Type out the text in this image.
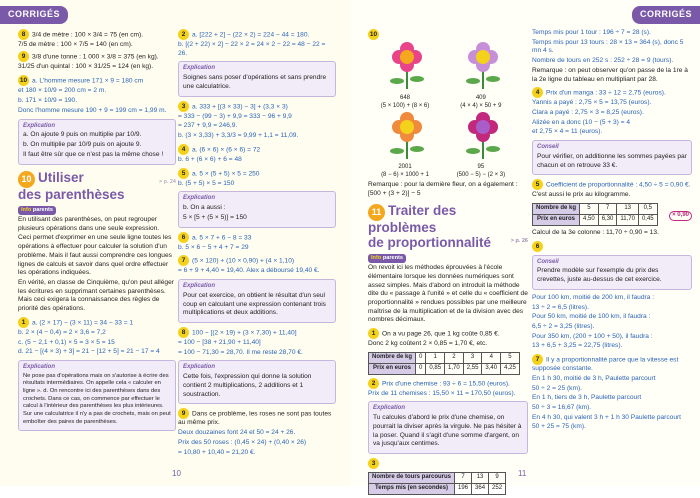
CORRIGÉS

8 3/4 de mètre : 100 × 3/4 = 75 (en cm).

7/5 de mètre : 100 × 7/5 = 140 (en cm).

9 3/8 d'une tonne : 1 000 × 3/8 = 375 (en kg).

31/25 d'un quintal : 100 × 31/25 = 124 (en kg).

10 a. L'homme mesure 171 × 9 = 180 cm

et 180 × 10/9 = 200 cm = 2 m.

b. 171 × 10/9 = 190.

Donc l'homme mesure 190 + 9 = 199 cm = 1,99 m.

Explication

a. On ajoute 9 puis on multiplie par 10/9.

b. On multiplie par 10/9 puis on ajoute 9.

Il faut être sûr que ce n'est pas la même chose !

> p. 24
10 Utiliser
des parenthèses
Info parents

En utilisant des parenthèses, on peut regrouper plusieurs opérations dans une seule expression.

Ceci permet d'exprimer en une seule ligne toutes les opérations à effectuer pour calculer la solution d'un problème. Mais il faut aussi comprendre ces longues lignes de calculs et savoir dans quel ordre effectuer les opérations indiquées.

En vérité, en classe de Cinquième, qu'on peut alléger les écritures en supprimant certaines parenthèses. Mais ceci exigera la connaissance des règles de priorité des opérations.

1 a. (2 × 17) − (3 × 11) = 34 − 33 = 1

b. 2 × (4 − 0,4) = 2 × 3,6 = 7,2

c. (5 − 2,1 + 0,1) × 5 = 3 × 5 = 15

d. 21 − [(4 × 3) + 3] = 21 − [12 + 5] = 21 − 17 = 4

Explication

Ne pose pas d'opérations mais on s'autorise à écrire des résultats intermédiaires. On appelle cela « calculer en ligne ». d. On rencontre ici des parenthèses dans des crochets. Dans ce cas, on commence par effectuer le calcul à l'intérieur des parenthèses les plus intérieures. Sur une calculatrice il n'y a pas de crochets, mais on peut emboîter des paires de parenthèses.

2 a. [222 + 2] − (22 × 2) = 224 − 44 = 180.

b. [(2 + 22) × 2] − 22 × 2 = 24 × 2 − 22 = 48 − 22 = 26.

Explication

Soignes sans poser d'opérations et sans prendre une calculatrice.

3 a. 333 + [(3 × 33) − 3] + (3,3 × 3)

= 333 − (99 − 3) + 9,9 = 333 − 96 + 9,9

= 237 + 9,9 = 246,9.

b. (3 × 3,33) + 3,3/3 = 9,99 + 1,1 = 11,09.

4 a. (6 × 6) × (6 × 6) = 72

b. 6 + (6 × 6) + 6 = 48

5 a. 5 × (5 + 5) × 5 = 250

b. (5 + 5) × 5 = 150

Explication

b. On a aussi :

5 × [5 + (5 × 5)] = 150

6 a. 5 × 7 + 6 − 8 = 33

b. 5 × 6 − 5 + 4 + 7 = 29

7 (5 × 120) + (10 × 0,90) + (4 × 1,10)

= 6 + 9 + 4,40 = 19,40. Alex a déboursé 19,40 €.

Explication

Pour cet exercice, on obtient le résultat d'un seul coup en calculant une expression contenant trois multiplications et deux additions.

8 100 − [(2 × 19) + (3 × 7,30) + 11,40]

= 100 − [38 + 21,90 + 11,40]

= 100 − 71,30 = 28,70. Il me reste 28,70 €.

Explication

Cette fois, l'expression qui donne la solution contient 2 multiplications, 2 additions et 1 soustraction.

9 Dans ce problème, les roses ne sont pas toutes au même prix.

Deux douzaines font 24 et 50 = 24 + 26.

Prix des 50 roses : (0,45 × 24) + (0,40 × 26)

= 10,80 + 10,40 = 21,20 €.

10
CORRIGÉS

10

648
(5 × 100) + (8 × 6)

409
(4 × 4) × 50 + 9

2001
(8 − 6) × 1000 + 1

95
(500 − 5) − (2 × 3)

Remarque : pour la dernière fleur, on a également : [500 + (3 + 2)] − 5

11 Traiter des problèmes
de proportionnalité	> p. 26
Info parents

On revoit ici les méthodes éprouvées à l'école élémentaire lorsque les données numériques sont assez simples. Mais d'abord on introduit la méthode dite du « passage à l'unité » et celle du « coefficient de proportionnalité » rendues possibles par une meilleure maîtrise de la multiplication et de la division avec des nombres décimaux.

1 On a vu page 26, que 1 kg coûte 0,85 €.

Donc 2 kg coûtent 2 × 0,85 = 1,70 €, etc.

Nombre de kg	0	1	2	3	4	5
Prix en euros	0	0,85	1,70	2,55	3,40	4,25

2 Prix d'une chemise : 93 ÷ 6 = 15,50 (euros).

Prix de 11 chemises : 15,50 × 11 = 170,50 (euros).

Explication

Tu calcules d'abord le prix d'une chemise, on pourrait la diviser après la virgule. Ne pas hésiter à la poser. Quand il s'agit d'une somme d'argent, on va jusqu'aux centimes.

3

Nombre de tours parcourus	7	13	9
Temps mis (en secondes)	196	364	252

Temps mis pour 1 tour : 196 ÷ 7 = 28 (s).

Temps mis pour 13 tours : 28 × 13 = 364 (s), donc 5 mn 4 s.

Nombre de tours en 252 s : 252 ÷ 28 = 9 (tours).

Remarque : on peut observer qu'on passe de la 1re à la 2e ligne du tableau en multipliant par 28.

4 Prix d'un manga : 33 ÷ 12 = 2,75 (euros).

Yannis a payé : 2,75 × 5 = 13,75 (euros).

Clara a payé : 2,75 × 3 = 8,25 (euros).

Alizée en a donc (10 − (5 + 3) = 4

et 2,75 × 4 = 11 (euros).

Conseil

Pour vérifier, on additionne les sommes payées par chacun et on retrouve 33 €.

5 Coefficient de proportionnalité : 4,50 ÷ 5 = 0,90 €.

C'est aussi le prix au kilogramme.

Nombre de kg	5	7	13	0,5
Prix en euros	4,50	6,30	11,70	0,45
× 0,90

Calcul de la 3e colonne : 11,70 ÷ 0,90 = 13.

6

Conseil

Prendre modèle sur l'exemple du prix des crevettes, juste au-dessus de cet exercice.

Pour 100 km, moitié de 200 km, il faudra :

13 ÷ 2 = 6,5 (litres).

Pour 50 km, moitié de 100 km, il faudra :

6,5 ÷ 2 = 3,25 (litres).

Pour 350 km, (200 + 100 + 50), il faudra :

13 + 6,5 + 3,25 = 22,75 (litres).

7 Il y a proportionnalité parce que la vitesse est supposée constante.

En 1 h 30, moitié de 3 h, Paulette parcourt

50 ÷ 2 = 25 (km).

En 1 h, tiers de 3 h, Paulette parcourt

50 ÷ 3 = 16,67 (km).

En 4 h 30, qui valent 3 h + 1 h 30 Paulette parcourt

50 + 25 = 75 (km).

11
